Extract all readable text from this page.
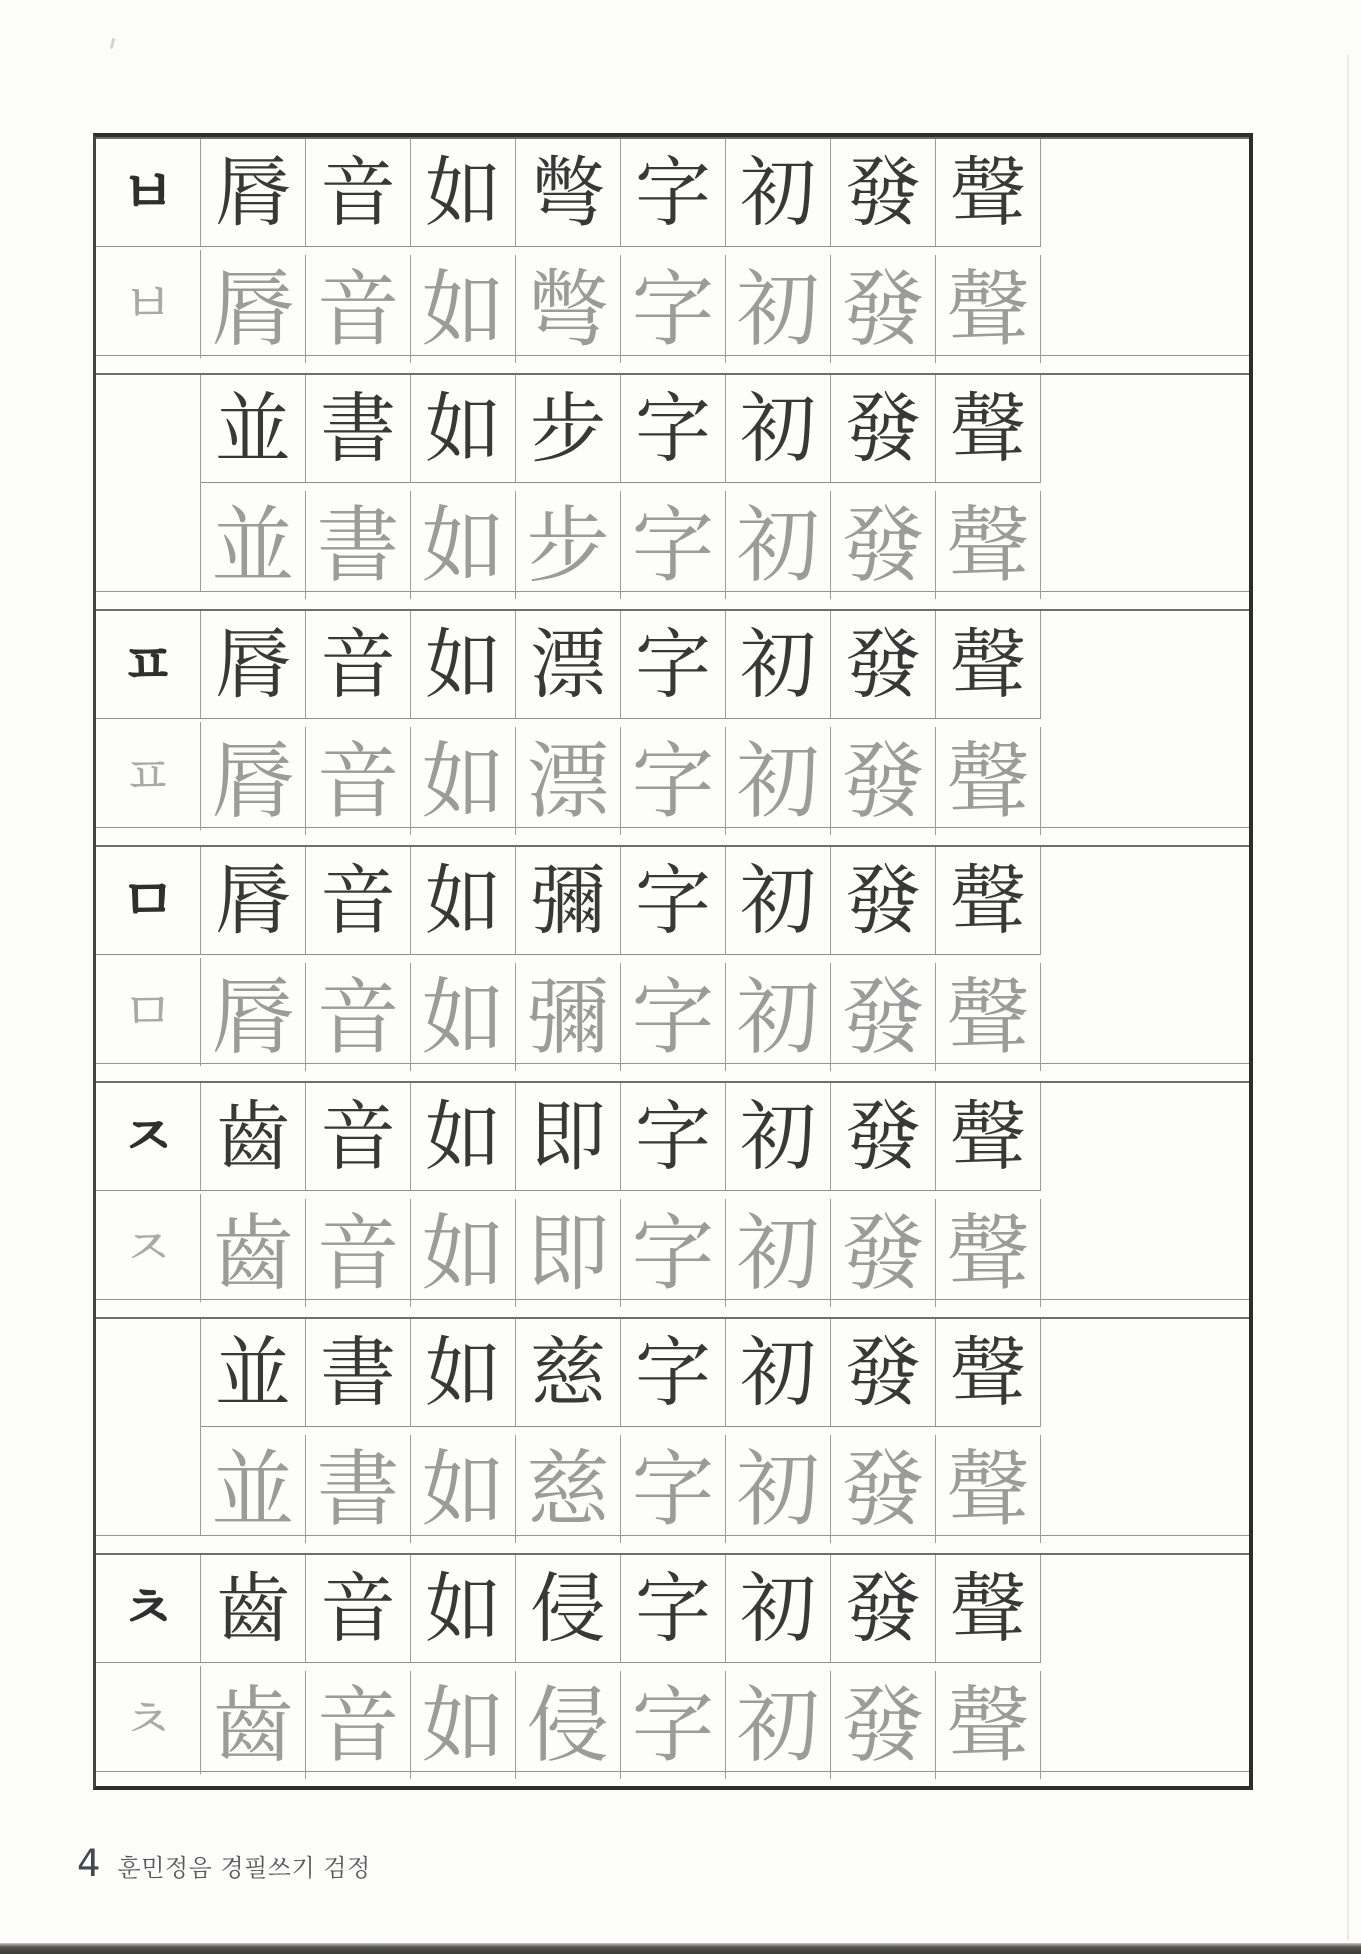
ㅂ 脣 音 如 彆 字 初 發 聲
ㅂ 脣 音 如 彆 字 初 發 聲
並 書 如 步 字 初 發 聲
並 書 如 步 字 初 發 聲
ㅍ 脣 音 如 漂 字 初 發 聲
ㅍ 脣 音 如 漂 字 初 發 聲
ㅁ 脣 音 如 彌 字 初 發 聲
ㅁ 脣 音 如 彌 字 初 發 聲
ㅈ 齒 音 如 即 字 初 發 聲
ㅈ 齒 音 如 即 字 初 發 聲
並 書 如 慈 字 初 發 聲
並 書 如 慈 字 初 發 聲
ㅊ 齒 音 如 侵 字 初 發 聲
ㅊ 齒 音 如 侵 字 初 發 聲
4 훈민정음 경필쓰기 검정
